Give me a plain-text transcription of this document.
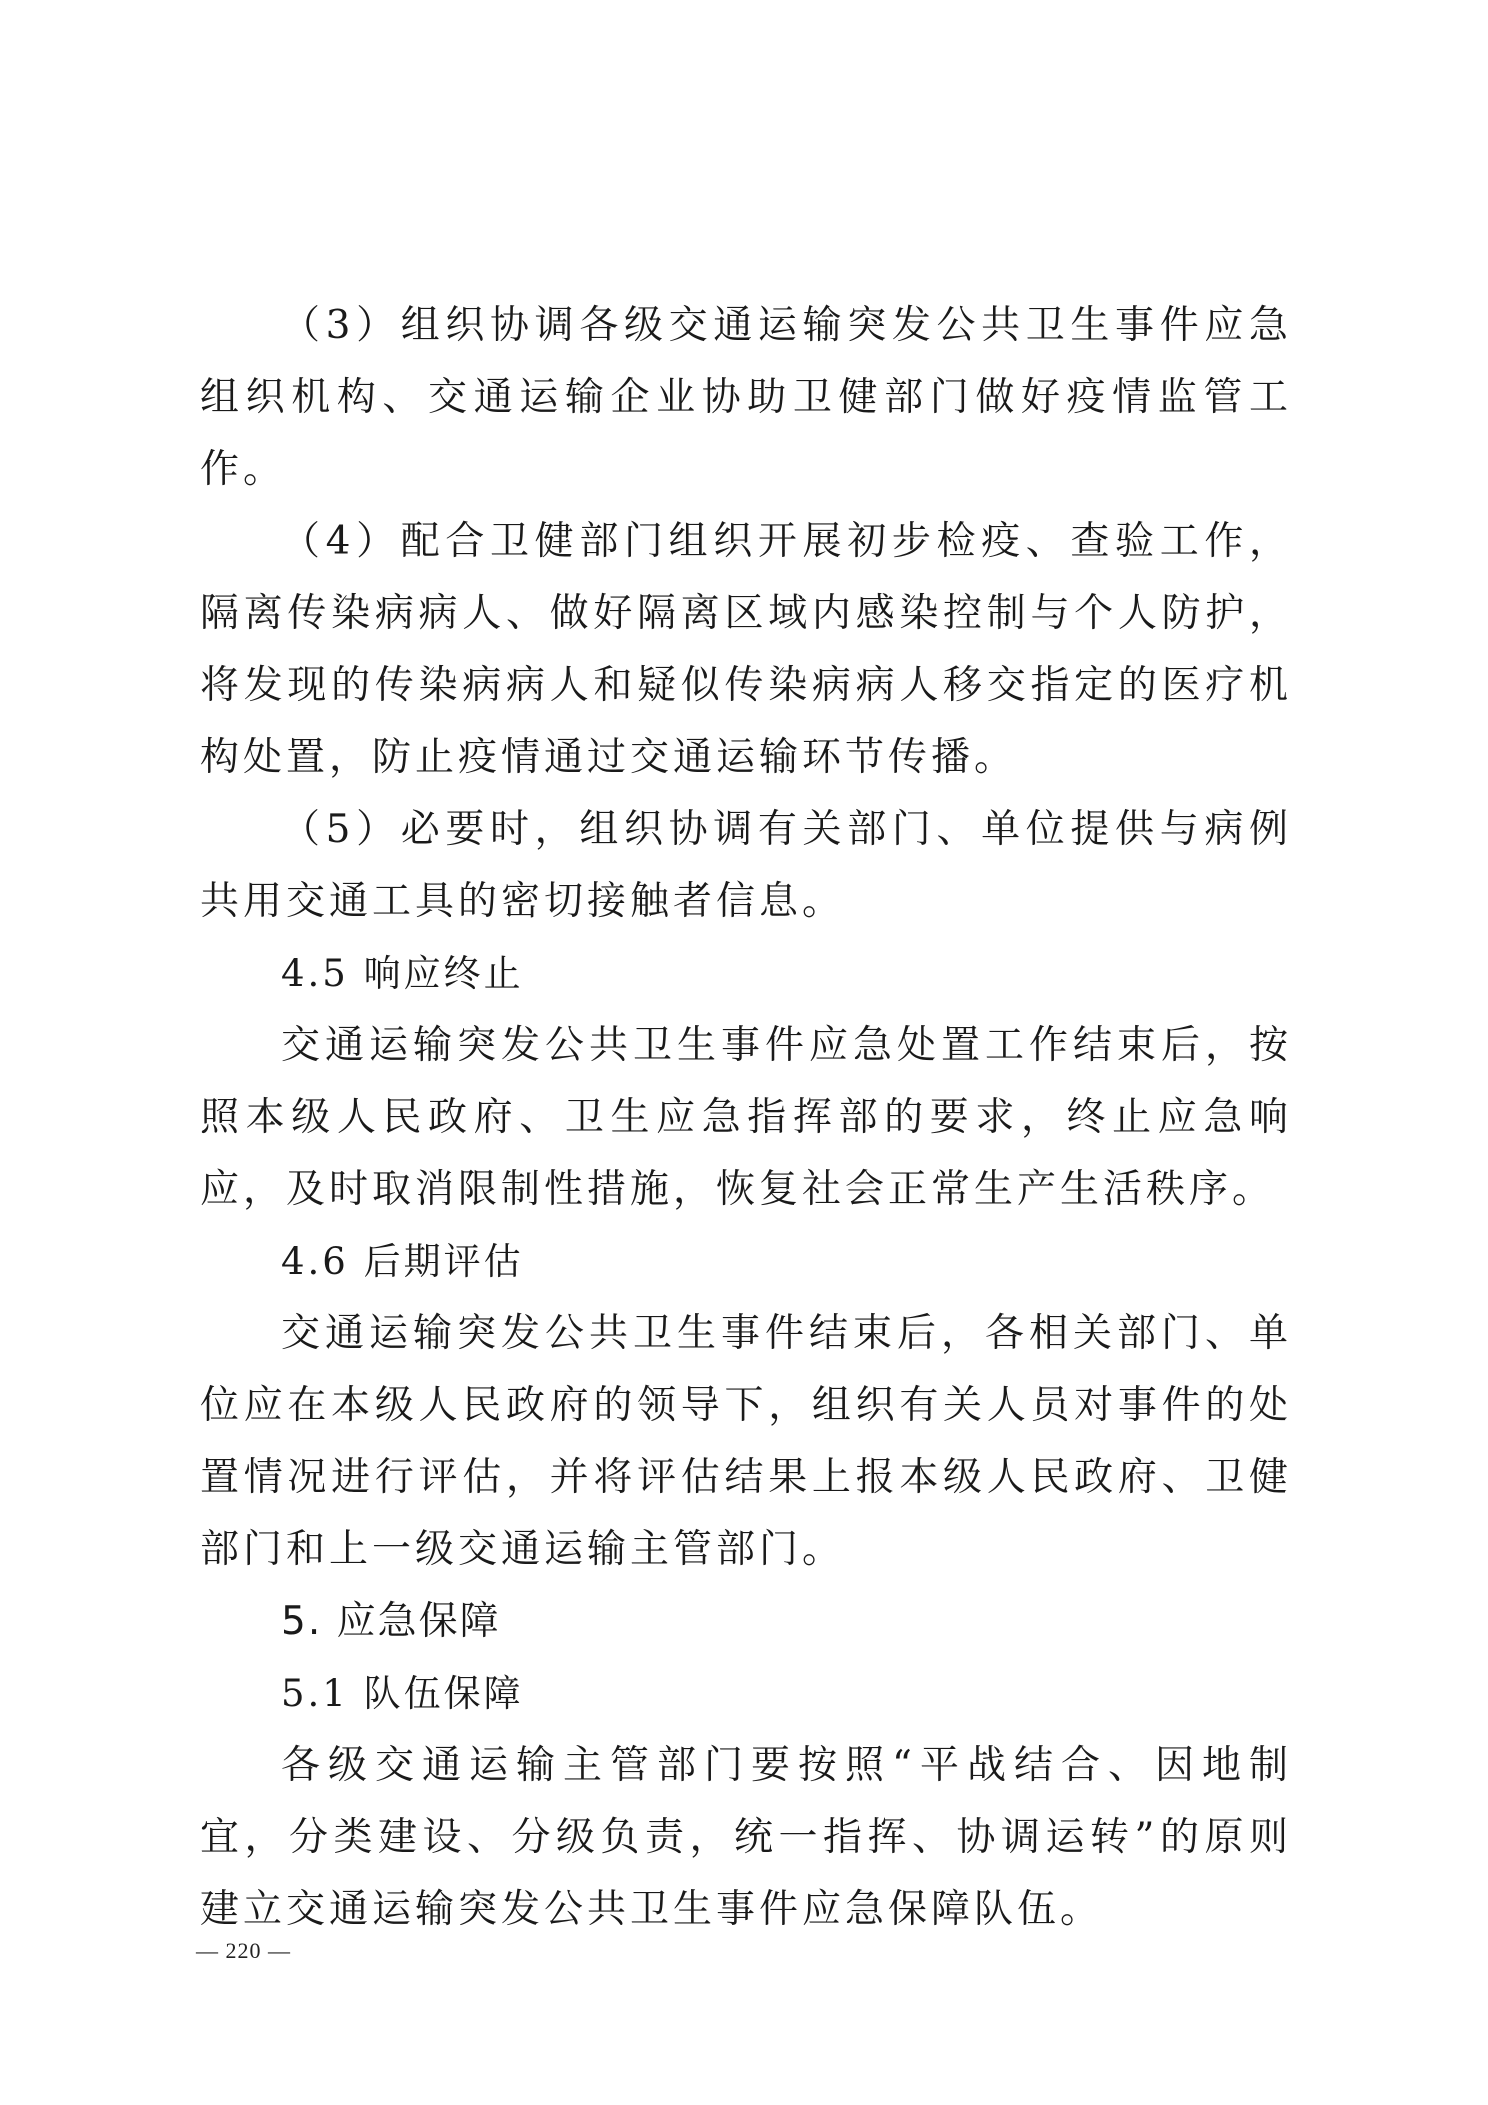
（3）组织协调各级交通运输突发公共卫生事件应急组织机构、交通运输企业协助卫健部门做好疫情监管工作。

（4）配合卫健部门组织开展初步检疫、查验工作，隔离传染病病人、做好隔离区域内感染控制与个人防护，将发现的传染病病人和疑似传染病病人移交指定的医疗机构处置，防止疫情通过交通运输环节传播。

（5）必要时，组织协调有关部门、单位提供与病例共用交通工具的密切接触者信息。

4.5 响应终止

交通运输突发公共卫生事件应急处置工作结束后，按照本级人民政府、卫生应急指挥部的要求，终止应急响应，及时取消限制性措施，恢复社会正常生产生活秩序。

4.6 后期评估

交通运输突发公共卫生事件结束后，各相关部门、单位应在本级人民政府的领导下，组织有关人员对事件的处置情况进行评估，并将评估结果上报本级人民政府、卫健部门和上一级交通运输主管部门。

5. 应急保障
5.1 队伍保障

各级交通运输主管部门要按照“平战结合、因地制宜，分类建设、分级负责，统一指挥、协调运转”的原则建立交通运输突发公共卫生事件应急保障队伍。

— 220 —
